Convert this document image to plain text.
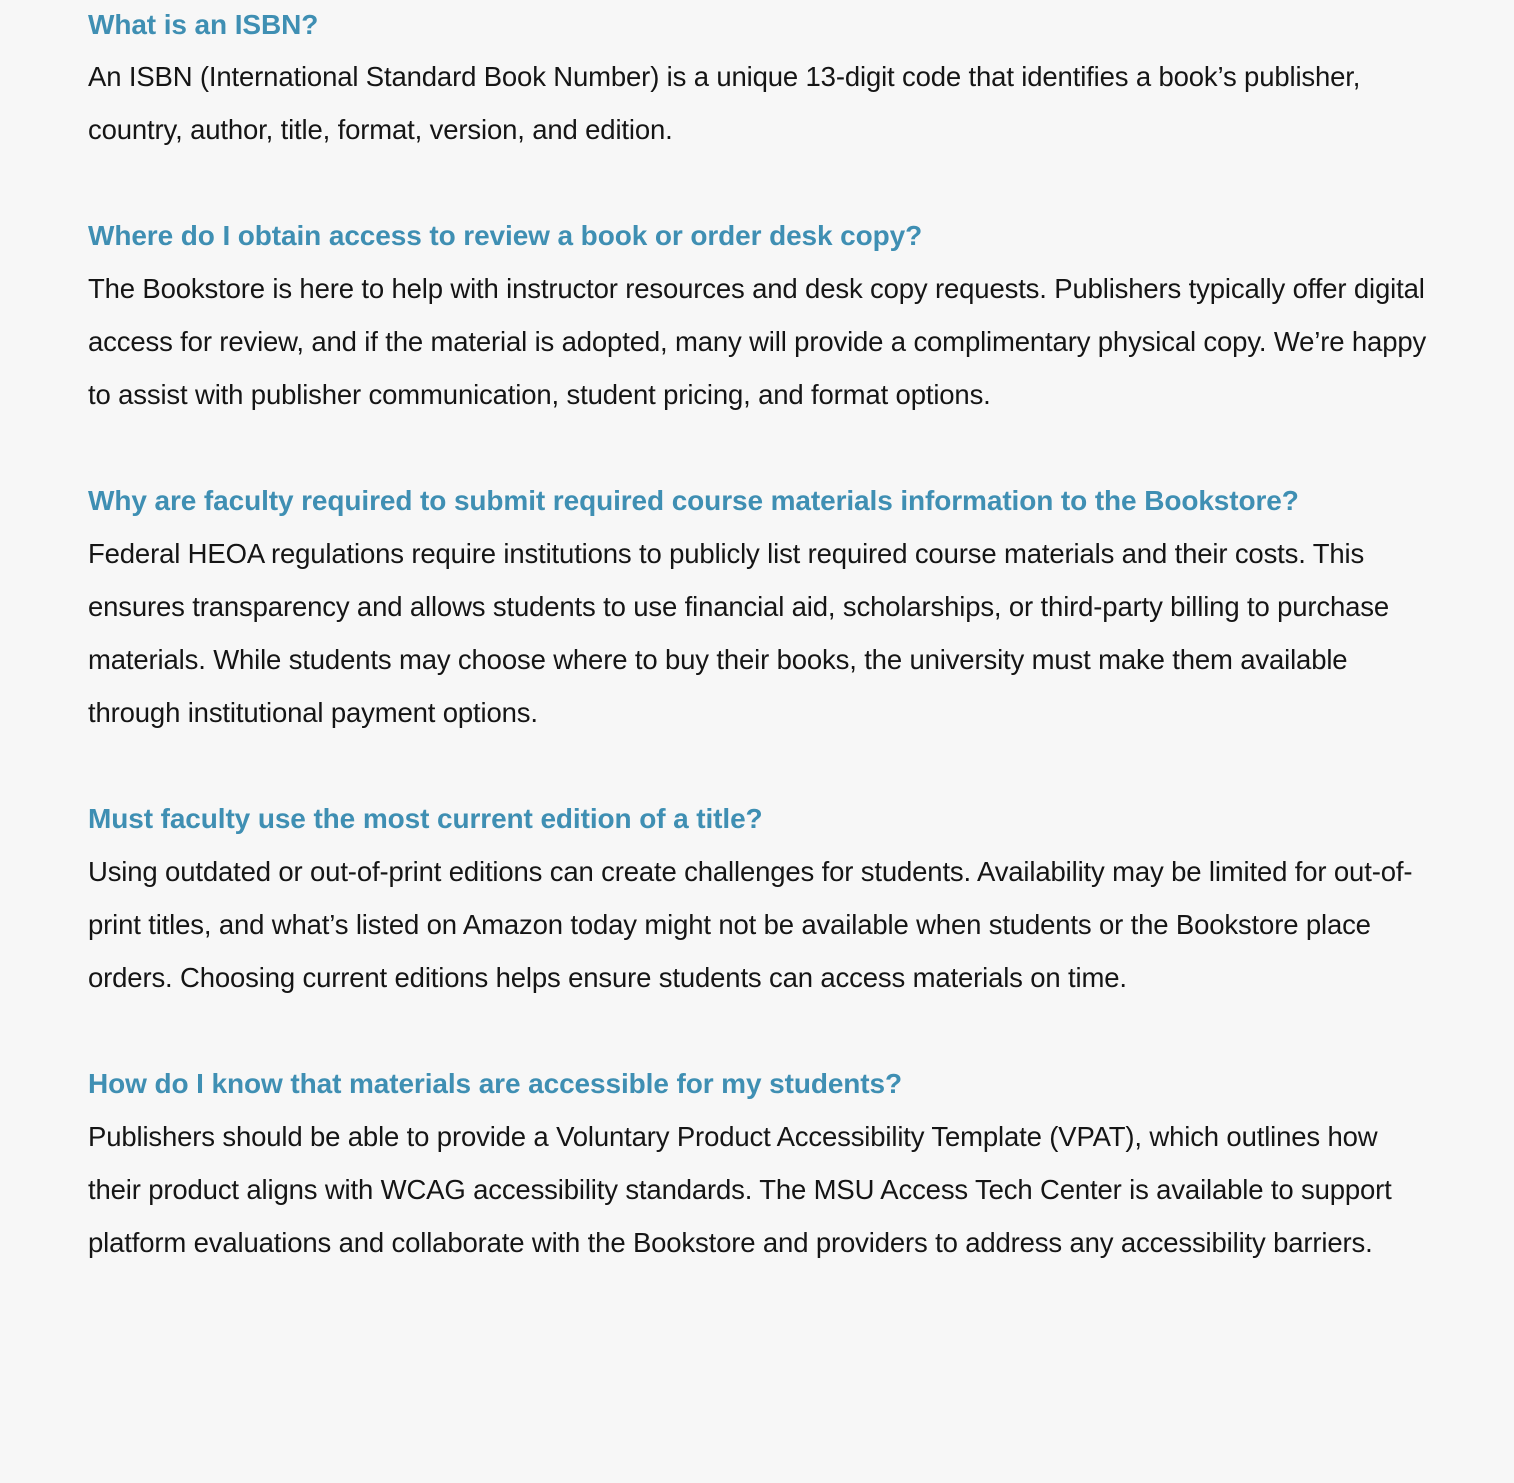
What is an ISBN?

An ISBN (International Standard Book Number) is a unique 13-digit code that identifies a book’s publisher, country, author, title, format, version, and edition.

Where do I obtain access to review a book or order desk copy?

The Bookstore is here to help with instructor resources and desk copy requests. Publishers typically offer digital access for review, and if the material is adopted, many will provide a complimentary physical copy. We’re happy to assist with publisher communication, student pricing, and format options.

Why are faculty required to submit required course materials information to the Bookstore?

Federal HEOA regulations require institutions to publicly list required course materials and their costs. This ensures transparency and allows students to use financial aid, scholarships, or third-party billing to purchase materials. While students may choose where to buy their books, the university must make them available through institutional payment options.

Must faculty use the most current edition of a title?

Using outdated or out-of-print editions can create challenges for students. Availability may be limited for out-of-print titles, and what’s listed on Amazon today might not be available when students or the Bookstore place orders. Choosing current editions helps ensure students can access materials on time.

How do I know that materials are accessible for my students?

Publishers should be able to provide a Voluntary Product Accessibility Template (VPAT), which outlines how their product aligns with WCAG accessibility standards. The MSU Access Tech Center is available to support platform evaluations and collaborate with the Bookstore and providers to address any accessibility barriers.
